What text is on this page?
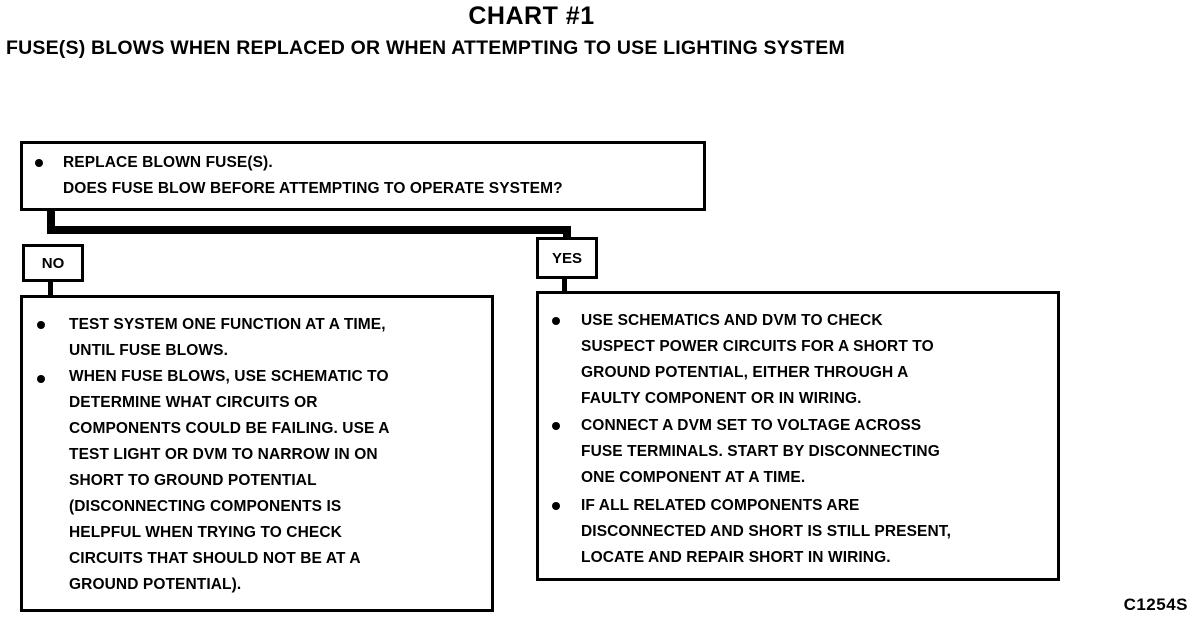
CHART #1
FUSE(S) BLOWS WHEN REPLACED OR WHEN ATTEMPTING TO USE LIGHTING SYSTEM
REPLACE BLOWN FUSE(S).
DOES FUSE BLOW BEFORE ATTEMPTING TO OPERATE SYSTEM?
NO	YES
TEST SYSTEM ONE FUNCTION AT A TIME,
UNTIL FUSE BLOWS.
WHEN FUSE BLOWS, USE SCHEMATIC TO
DETERMINE WHAT CIRCUITS OR
COMPONENTS COULD BE FAILING. USE A
TEST LIGHT OR DVM TO NARROW IN ON
SHORT TO GROUND POTENTIAL
(DISCONNECTING COMPONENTS IS
HELPFUL WHEN TRYING TO CHECK
CIRCUITS THAT SHOULD NOT BE AT A
GROUND POTENTIAL).
USE SCHEMATICS AND DVM TO CHECK
SUSPECT POWER CIRCUITS FOR A SHORT TO
GROUND POTENTIAL, EITHER THROUGH A
FAULTY COMPONENT OR IN WIRING.
CONNECT A DVM SET TO VOLTAGE ACROSS
FUSE TERMINALS. START BY DISCONNECTING
ONE COMPONENT AT A TIME.
IF ALL RELATED COMPONENTS ARE
DISCONNECTED AND SHORT IS STILL PRESENT,
LOCATE AND REPAIR SHORT IN WIRING.
C1254S
